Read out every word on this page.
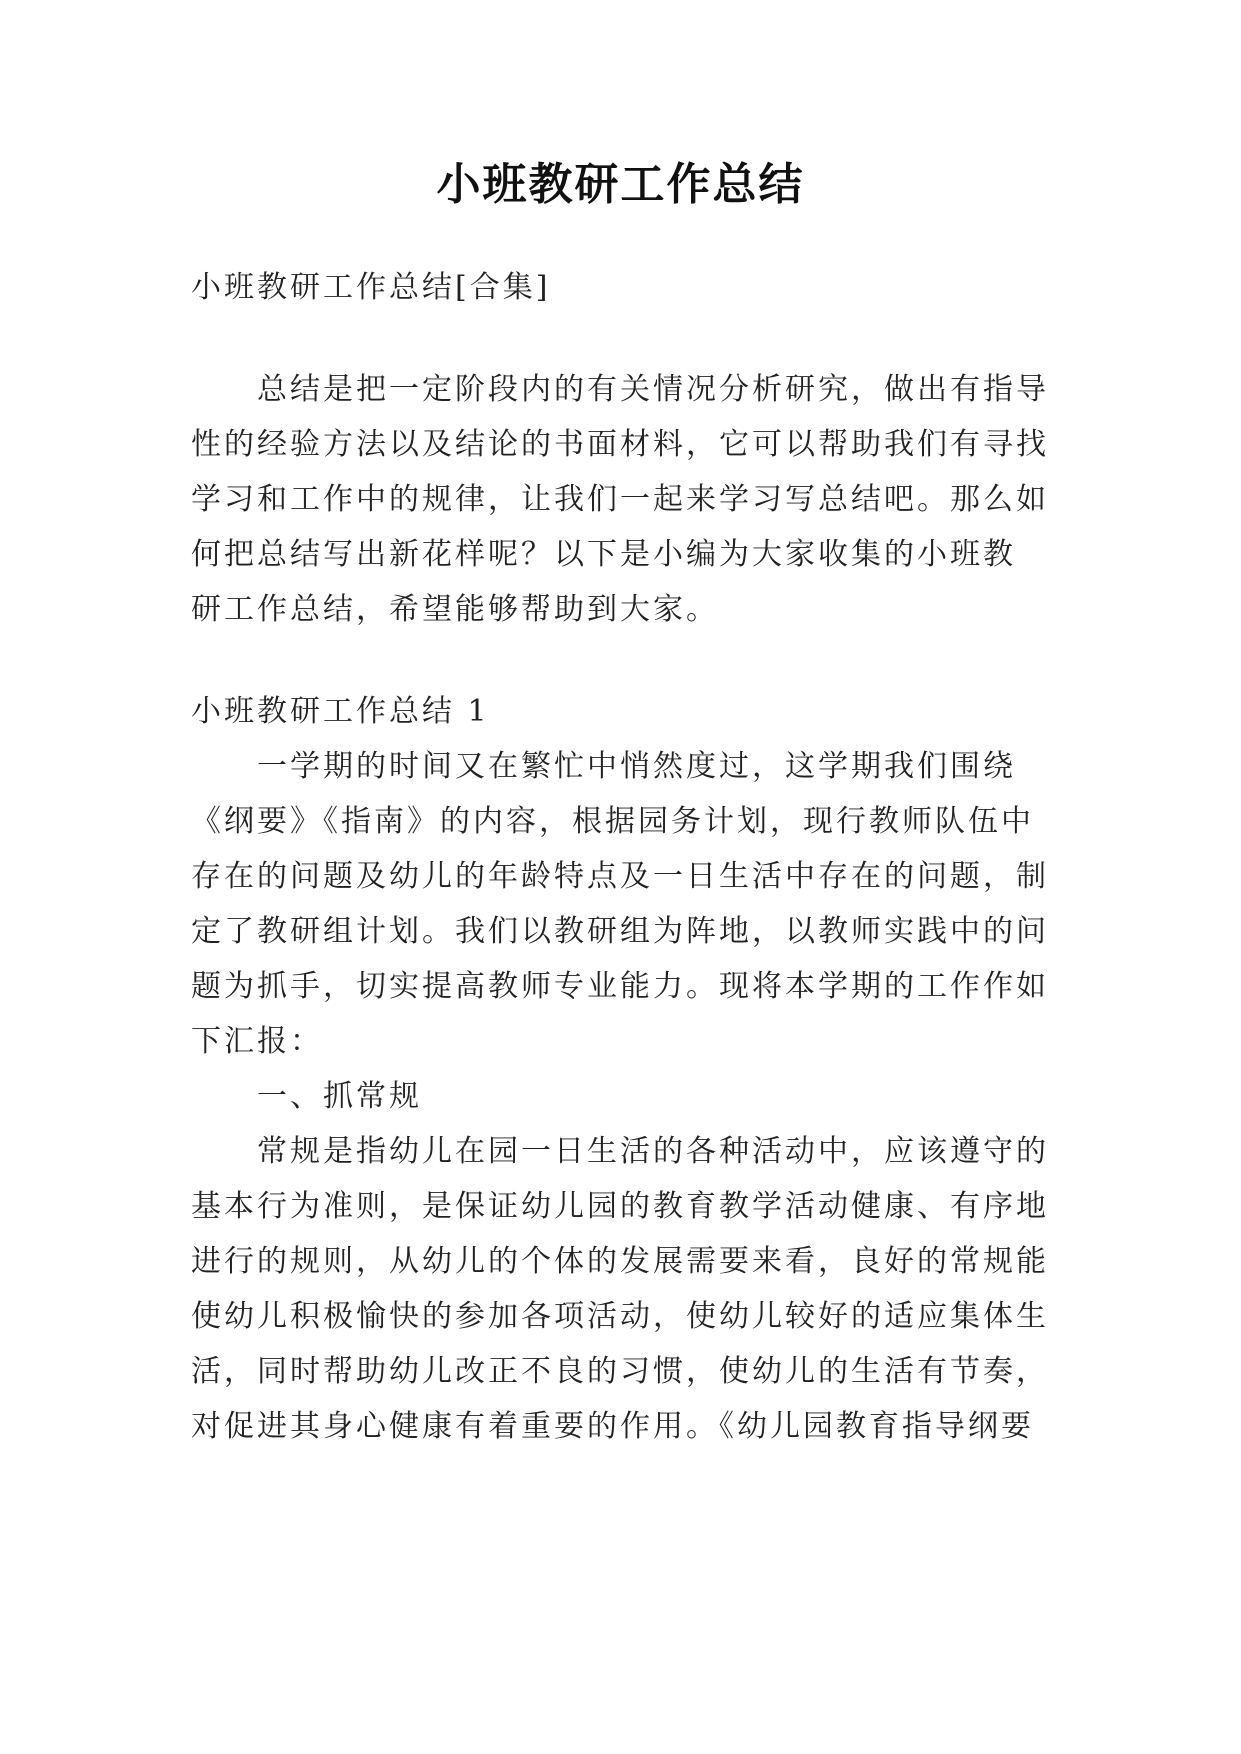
小班教研工作总结

小班教研工作总结[合集]

　　总结是把一定阶段内的有关情况分析研究，做出有指导

性的经验方法以及结论的书面材料，它可以帮助我们有寻找

学习和工作中的规律，让我们一起来学习写总结吧。那么如

何把总结写出新花样呢？以下是小编为大家收集的小班教

研工作总结，希望能够帮助到大家。

小班教研工作总结 1

　　一学期的时间又在繁忙中悄然度过，这学期我们围绕

《纲要》《指南》的内容，根据园务计划，现行教师队伍中

存在的问题及幼儿的年龄特点及一日生活中存在的问题，制

定了教研组计划。我们以教研组为阵地，以教师实践中的问

题为抓手，切实提高教师专业能力。现将本学期的工作作如

下汇报：

　　一、抓常规

　　常规是指幼儿在园一日生活的各种活动中，应该遵守的

基本行为准则，是保证幼儿园的教育教学活动健康、有序地

进行的规则，从幼儿的个体的发展需要来看，良好的常规能

使幼儿积极愉快的参加各项活动，使幼儿较好的适应集体生

活，同时帮助幼儿改正不良的习惯，使幼儿的生活有节奏，

对促进其身心健康有着重要的作用。《幼儿园教育指导纲要
